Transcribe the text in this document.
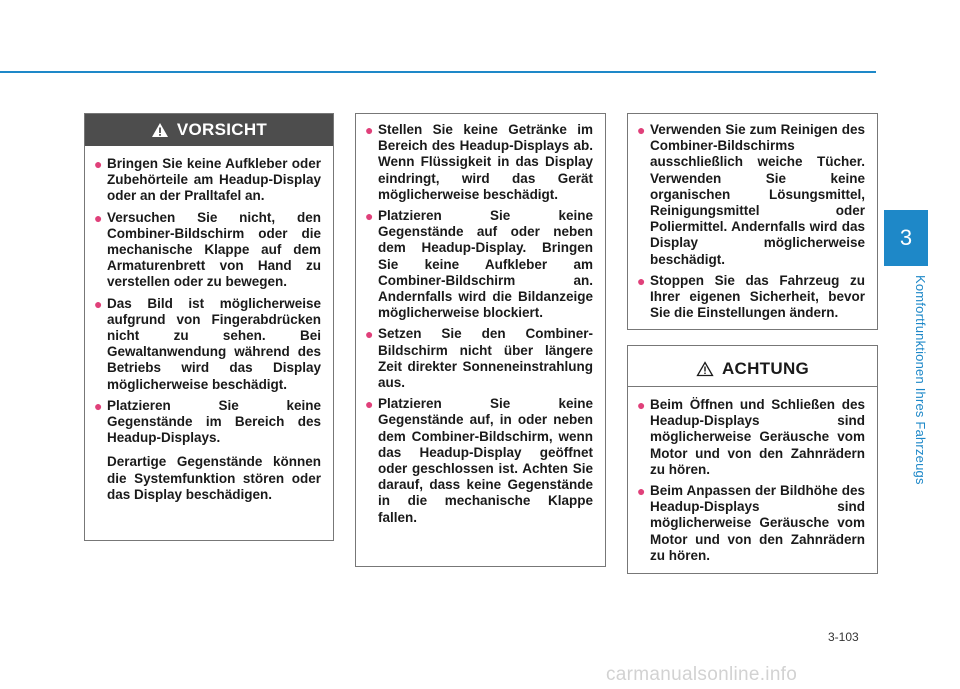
VORSICHT
● Bringen Sie keine Aufkleber oder Zubehörteile am Headup-Display oder an der Pralltafel an.
● Versuchen Sie nicht, den Combiner-Bildschirm oder die mechanische Klappe auf dem Armaturenbrett von Hand zu verstellen oder zu bewegen.
● Das Bild ist möglicherweise aufgrund von Fingerabdrücken nicht zu sehen. Bei Gewaltanwendung während des Betriebs wird das Display möglicherweise beschädigt.
● Platzieren Sie keine Gegenstände im Bereich des Headup-Displays.
Derartige Gegenstände können die Systemfunktion stören oder das Display beschädigen.
● Stellen Sie keine Getränke im Bereich des Headup-Displays ab. Wenn Flüssigkeit in das Display eindringt, wird das Gerät möglicherweise beschädigt.
● Platzieren Sie keine Gegenstände auf oder neben dem Headup-Display. Bringen Sie keine Aufkleber am Combiner-Bildschirm an. Andernfalls wird die Bildanzeige möglicherweise blockiert.
● Setzen Sie den Combiner-Bildschirm nicht über längere Zeit direkter Sonneneinstrahlung aus.
● Platzieren Sie keine Gegenstände auf, in oder neben dem Combiner-Bildschirm, wenn das Headup-Display geöffnet oder geschlossen ist. Achten Sie darauf, dass keine Gegenstände in die mechanische Klappe fallen.
● Verwenden Sie zum Reinigen des Combiner-Bildschirms ausschließlich weiche Tücher. Verwenden Sie keine organischen Lösungsmittel, Reinigungsmittel oder Poliermittel. Andernfalls wird das Display möglicherweise beschädigt.
● Stoppen Sie das Fahrzeug zu Ihrer eigenen Sicherheit, bevor Sie die Einstellungen ändern.
ACHTUNG
● Beim Öffnen und Schließen des Headup-Displays sind möglicherweise Geräusche vom Motor und von den Zahnrädern zu hören.
● Beim Anpassen der Bildhöhe des Headup-Displays sind möglicherweise Geräusche vom Motor und von den Zahnrädern zu hören.
3
Komfortfunktionen Ihres Fahrzeugs
3-103
carmanualsonline.info
